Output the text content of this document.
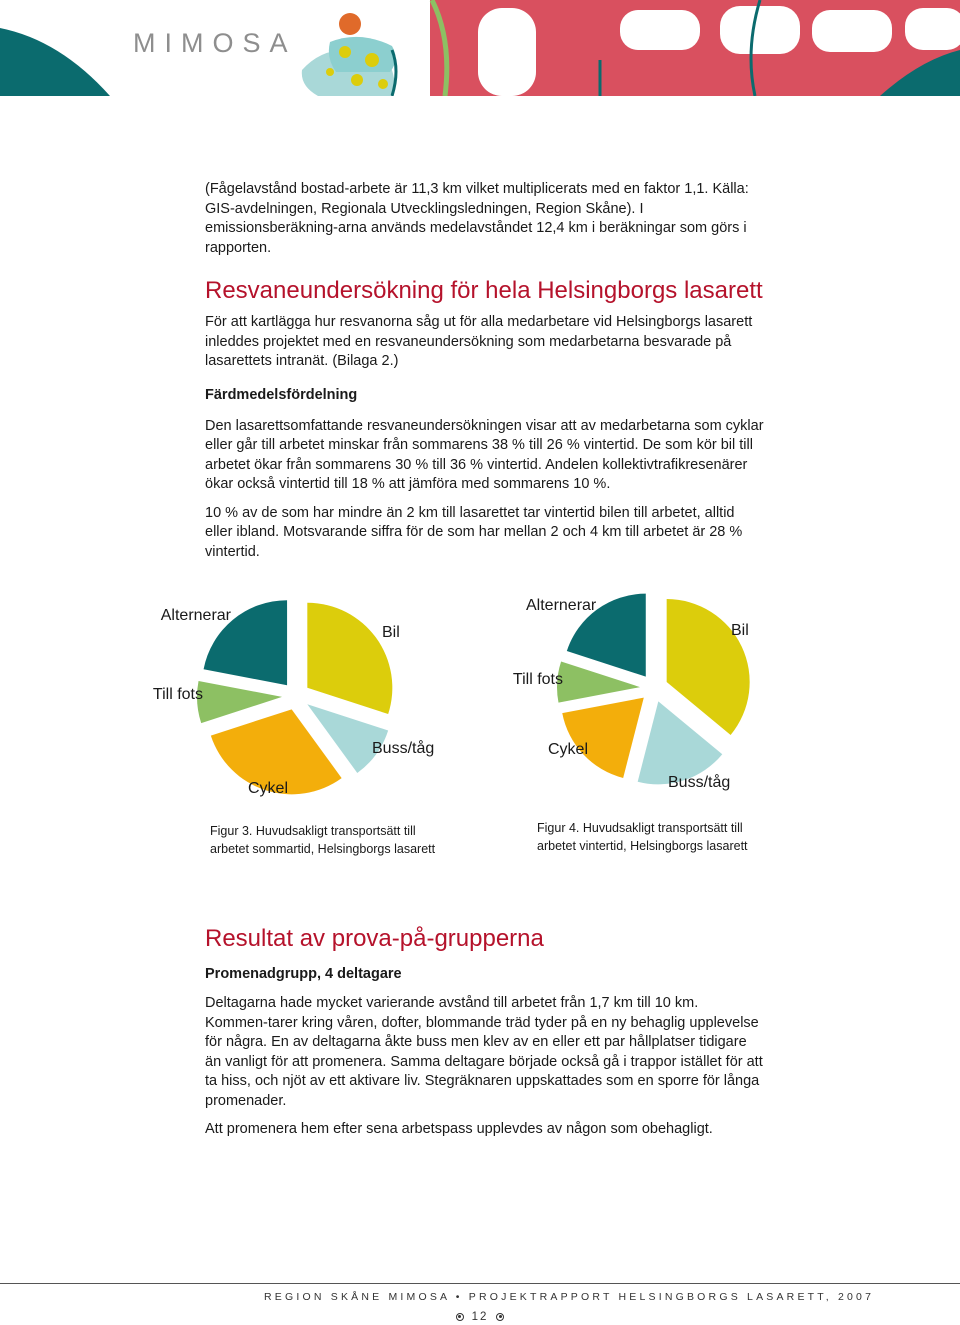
MIMOSA

(Fågelavstånd bostad-arbete är 11,3 km vilket multiplicerats med en faktor 1,1. Källa: GIS-avdelningen, Regionala Utvecklingsledningen, Region Skåne). I emissionsberäkning-arna används medelavståndet 12,4 km i beräkningar som görs i rapporten.

Resvaneundersökning för hela Helsingborgs lasarett

För att kartlägga hur resvanorna såg ut för alla medarbetare vid Helsingborgs lasarett inleddes projektet med en resvaneundersökning som medarbetarna besvarade på lasarettets intranät. (Bilaga 2.)

Färdmedelsfördelning

Den lasarettsomfattande resvaneundersökningen visar att av medarbetarna som cyklar eller går till arbetet minskar från sommarens 38 % till 26 % vintertid. De som kör bil till arbetet ökar från sommarens 30 % till 36 % vintertid. Andelen kollektivtrafikresenärer ökar också vintertid till 18 % att jämföra med sommarens 10 %.

10 % av de som har mindre än 2 km till lasarettet tar vintertid bilen till arbetet, alltid eller ibland. Motsvarande siffra för de som har mellan 2 och 4 km till arbetet är 28 % vintertid.

Bil
Buss/tåg
Cykel
Till fots
Alternerar
Bil
Buss/tåg
Cykel
Till fots
Alternerar
Figur 3. Huvudsakligt transportsätt till
arbetet sommartid, Helsingborgs lasarett
Figur 4. Huvudsakligt transportsätt till
arbetet vintertid, Helsingborgs lasarett
Resultat av prova-på-grupperna
Promenadgrupp, 4 deltagare

Deltagarna hade mycket varierande avstånd till arbetet från 1,7 km till 10 km. Kommen-tarer kring våren, dofter, blommande träd tyder på en ny behaglig upplevelse för några. En av deltagarna åkte buss men klev av en eller ett par hållplatser tidigare än vanligt för att promenera. Samma deltagare började också gå i trappor istället för att ta hiss, och njöt av ett aktivare liv. Stegräknaren uppskattades som en sporre för långa promenader.

Att promenera hem efter sena arbetspass upplevdes av någon som obehagligt.

REGION SKÅNE MIMOSA • PROJEKTRAPPORT HELSINGBORGS LASARETT, 2007
12
